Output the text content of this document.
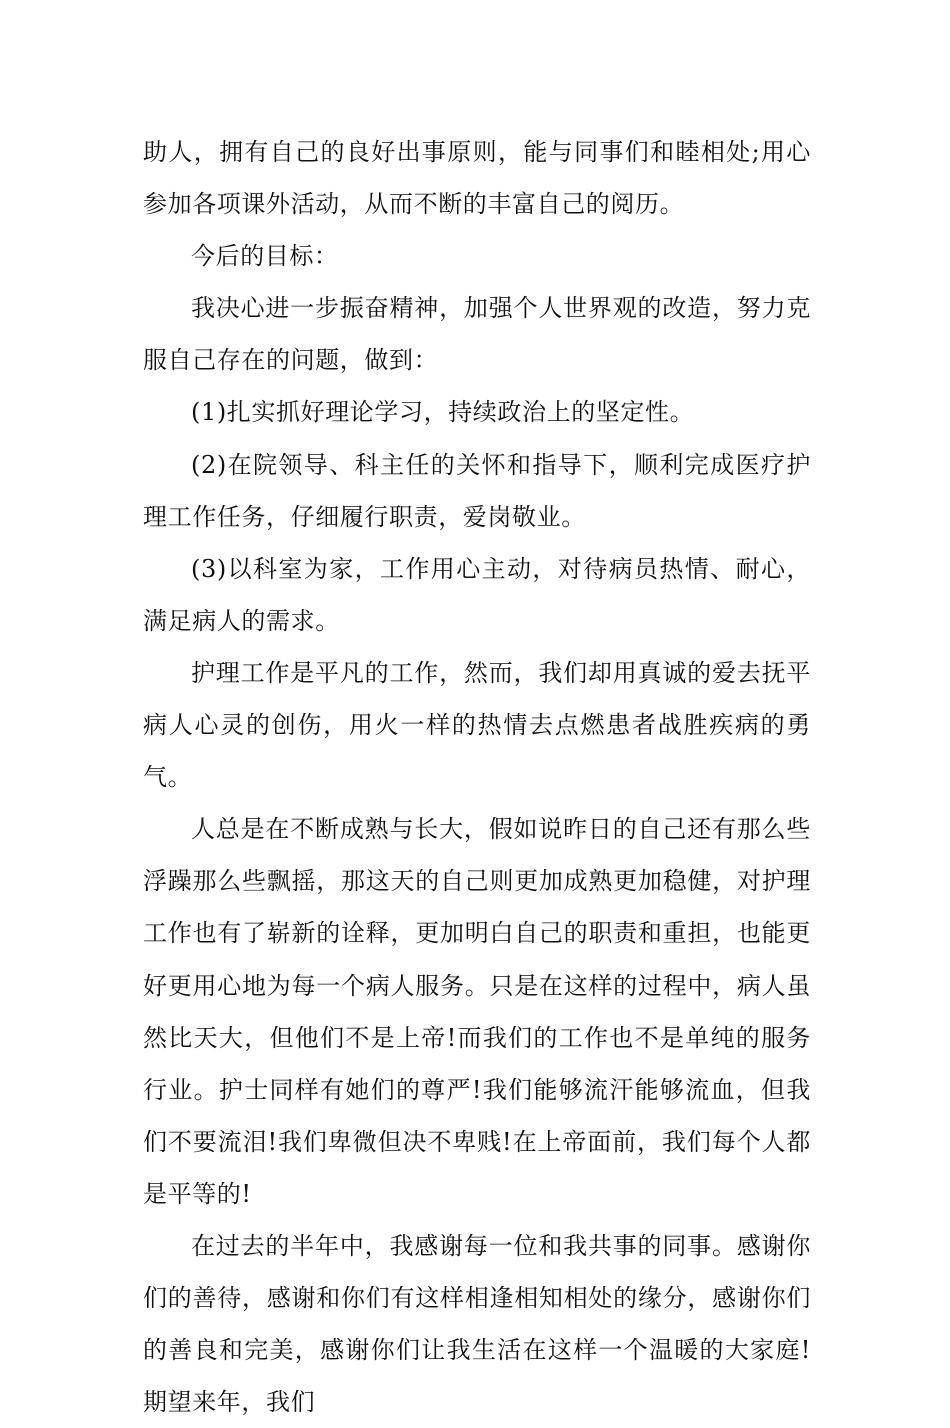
助人，拥有自己的良好出事原则，能与同事们和睦相处;用心参加各项课外活动，从而不断的丰富自己的阅历。

今后的目标：

我决心进一步振奋精神，加强个人世界观的改造，努力克服自己存在的问题，做到：

(1)扎实抓好理论学习，持续政治上的坚定性。

(2)在院领导、科主任的关怀和指导下，顺利完成医疗护理工作任务，仔细履行职责，爱岗敬业。

(3)以科室为家，工作用心主动，对待病员热情、耐心，满足病人的需求。

护理工作是平凡的工作，然而，我们却用真诚的爱去抚平病人心灵的创伤，用火一样的热情去点燃患者战胜疾病的勇气。

人总是在不断成熟与长大，假如说昨日的自己还有那么些浮躁那么些飘摇，那这天的自己则更加成熟更加稳健，对护理工作也有了崭新的诠释，更加明白自己的职责和重担，也能更好更用心地为每一个病人服务。只是在这样的过程中，病人虽然比天大，但他们不是上帝!而我们的工作也不是单纯的服务行业。护士同样有她们的尊严!我们能够流汗能够流血，但我们不要流泪!我们卑微但决不卑贱!在上帝面前，我们每个人都是平等的!

在过去的半年中，我感谢每一位和我共事的同事。感谢你们的善待，感谢和你们有这样相逢相知相处的缘分，感谢你们的善良和完美，感谢你们让我生活在这样一个温暖的大家庭!期望来年，我们
